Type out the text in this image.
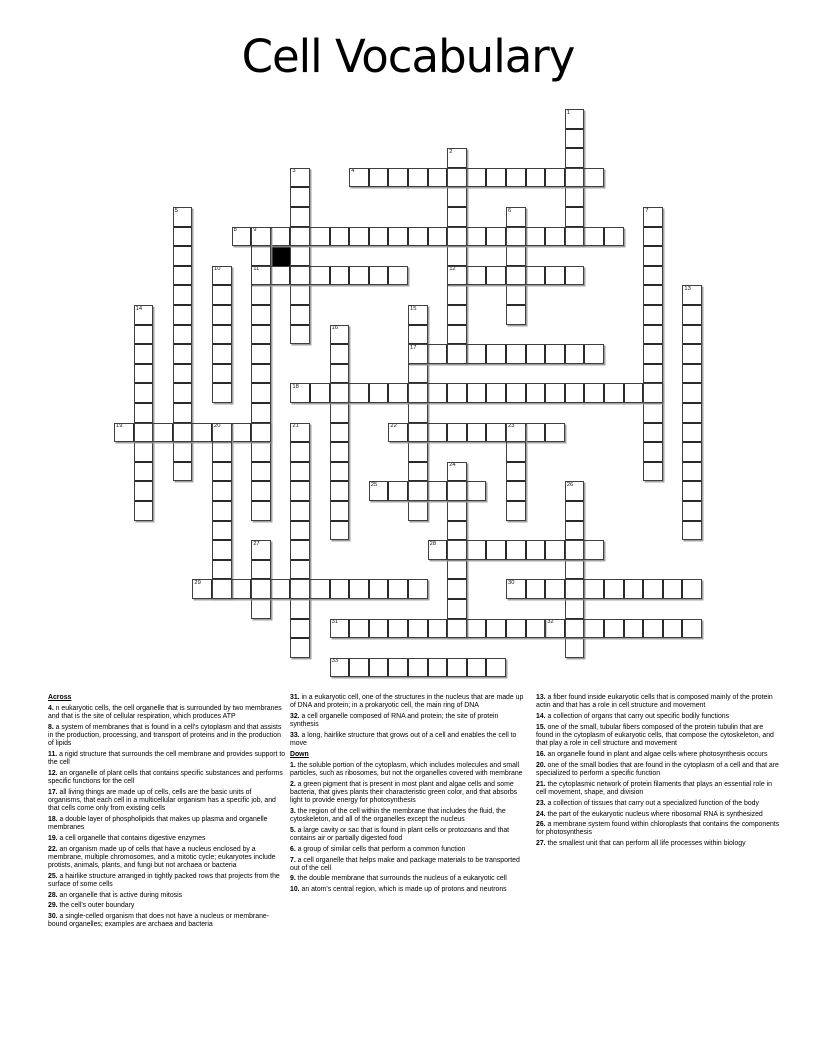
Cell Vocabulary
1
2
12
3	4
5	6	7
8	9
11
10
13
14	15
17
16
18
19	20	21	22	23
24
25	26
27	28
29	30
31	32
33
Across

4. n eukaryotic cells, the cell organelle that is surrounded by two membranes and that is the site of cellular respiration, which produces ATP

8. a system of membranes that is found in a cell's cytoplasm and that assists in the production, processing, and transport of proteins and in the production of lipids

11. a rigid structure that surrounds the cell membrane and provides support to the cell

12. an organelle of plant cells that contains specific substances and performs specific functions for the cell

17. all living things are made up of cells, cells are the basic units of organisms, that each cell in a multicellular organism has a specific job, and that cells come only from existing cells

18. a double layer of phospholipids that makes up plasma and organelle membranes

19. a cell organelle that contains digestive enzymes

22. an organism made up of cells that have a nucleus enclosed by a membrane, multiple chromosomes, and a mitotic cycle; eukaryotes include protists, animals, plants, and fungi but not archaea or bacteria

25. a hairlike structure arranged in tightly packed rows that projects from the surface of some cells

28. an organelle that is active during mitosis

29. the cell's outer boundary

30. a single-celled organism that does not have a nucleus or membrane-bound organelles; examples are archaea and bacteria

31. in a eukaryotic cell, one of the structures in the nucleus that are made up of DNA and protein; in a prokaryotic cell, the main ring of DNA

32. a cell organelle composed of RNA and protein; the site of protein synthesis

33. a long, hairlike structure that grows out of a cell and enables the cell to move

Down

1. the soluble portion of the cytoplasm, which includes molecules and small particles, such as ribosomes, but not the organelles covered with membrane

2. a green pigment that is present in most plant and algae cells and some bacteria, that gives plants their characteristic green color, and that absorbs light to provide energy for photosynthesis

3. the region of the cell within the membrane that includes the fluid, the cytoskeleton, and all of the organelles except the nucleus

5. a large cavity or sac that is found in plant cells or protozoans and that contains air or partially digested food

6. a group of similar cells that perform a common function

7. a cell organelle that helps make and package materials to be transported out of the cell

9. the double membrane that surrounds the nucleus of a eukaryotic cell

10. an atom's central region, which is made up of protons and neutrons

13. a fiber found inside eukaryotic cells that is composed mainly of the protein actin and that has a role in cell structure and movement

14. a collection of organs that carry out specific bodily functions

15. one of the small, tubular fibers composed of the protein tubulin that are found in the cytoplasm of eukaryotic cells, that compose the cytoskeleton, and that play a role in cell structure and movement

16. an organelle found in plant and algae cells where photosynthesis occurs

20. one of the small bodies that are found in the cytoplasm of a cell and that are specialized to perform a specific function

21. the cytoplasmic network of protein filaments that plays an essential role in cell movement, shape, and division

23. a collection of tissues that carry out a specialized function of the body

24. the part of the eukaryotic nucleus where ribosomal RNA is synthesized

26. a membrane system found within chloroplasts that contains the components for photosynthesis

27. the smallest unit that can perform all life processes within biology
